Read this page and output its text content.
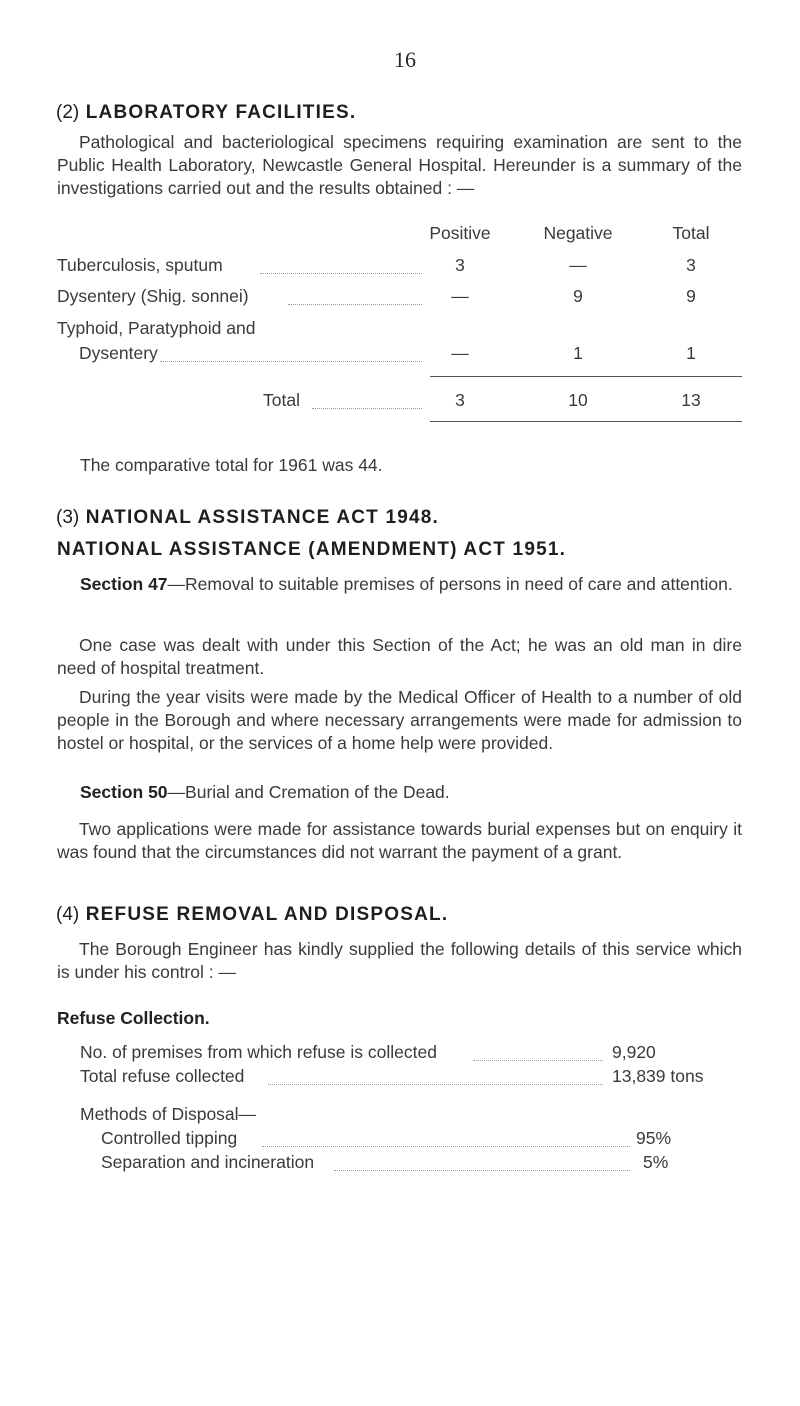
16
(2) LABORATORY FACILITIES.
Pathological and bacteriological specimens requiring examination are sent to the Public Health Laboratory, Newcastle General Hospital. Hereunder is a summary of the investigations carried out and the results obtained : —
Positive	Negative	Total
Tuberculosis, sputum	3	—	3
Dysentery (Shig. sonnei)	—	9	9
Typhoid, Paratyphoid and
Dysentery	—	1	1
Total	3	10	13
The comparative total for 1961 was 44.
(3) NATIONAL ASSISTANCE ACT 1948.
NATIONAL ASSISTANCE (AMENDMENT) ACT 1951.
Section 47—Removal to suitable premises of persons in need of care and attention.
One case was dealt with under this Section of the Act; he was an old man in dire need of hospital treatment.
During the year visits were made by the Medical Officer of Health to a number of old people in the Borough and where necessary arrangements were made for admission to hostel or hospital, or the services of a home help were provided.
Section 50—Burial and Cremation of the Dead.
Two applications were made for assistance towards burial expenses but on enquiry it was found that the circumstances did not warrant the payment of a grant.
(4) REFUSE REMOVAL AND DISPOSAL.
The Borough Engineer has kindly supplied the following details of this service which is under his control : —
Refuse Collection.
No. of premises from which refuse is collected	9,920
Total refuse collected	13,839 tons
Methods of Disposal—
Controlled tipping	95%
Separation and incineration	5%
